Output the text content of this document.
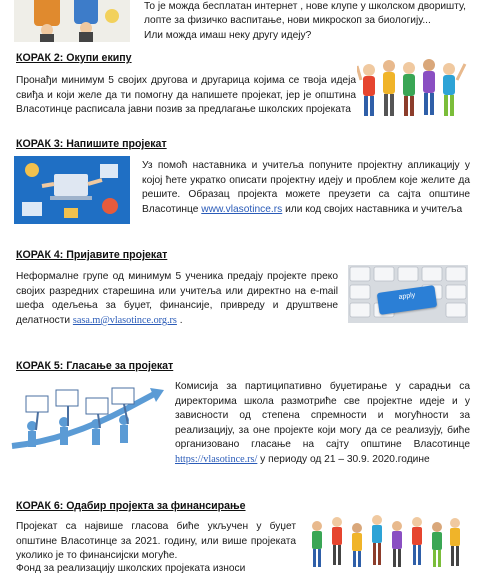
То је можда бесплатан интернет , нове клупе у школском дворишту,
лопте за физичко васпитање, нови микроскоп за биологију...
Или можда имаш неку другу идеју?
КОРАК 2: Окупи екипу
Пронађи минимум 5 својих другова и другарица којима се твоја идеја свиђа и који желе да ти помогну да напишете пројекат, јер је општина Власотинце расписала јавни позив за предлагање школских пројеката
КОРАК 3: Напишите пројекат
Уз помоћ наставника и учитеља попуните пројектну апликацију у којој ћете укратко описати пројектну идеју и проблем које желите да решите. Образац пројекта можете преузети са сајта општине Власотинце www.vlasotince.rs или код својих наставника и учитеља
КОРАК 4: Пријавите пројекат
Неформалне групе од минимум 5 ученика предају пројекте преко својих разредних старешина или учитеља или директно на e-mail шефа одељења за буџет, финансије, привреду и друштвене делатности sasa.m@vlasotince.org.rs .
apply
КОРАК 5: Гласање за пројекат
Комисија за партиципативно буџетирање у сарадњи са директорима школа размотриће све пројектне идеје и у зависности од степена спремности и могућности за реализацију, за оне пројекте који могу да се реализују, биће организовано гласање на сајту општине Власотинце https://vlasotince.rs/ у периоду од 21 – 30.9. 2020.године
КОРАК 6: Одабир пројекта за финансирање
Пројекат са највише гласова биће укључен у буџет општине Власотинце за 2021. годину, или више пројеката уколико је то финансијски могуће.
Фонд за реализацију школских пројеката износи
